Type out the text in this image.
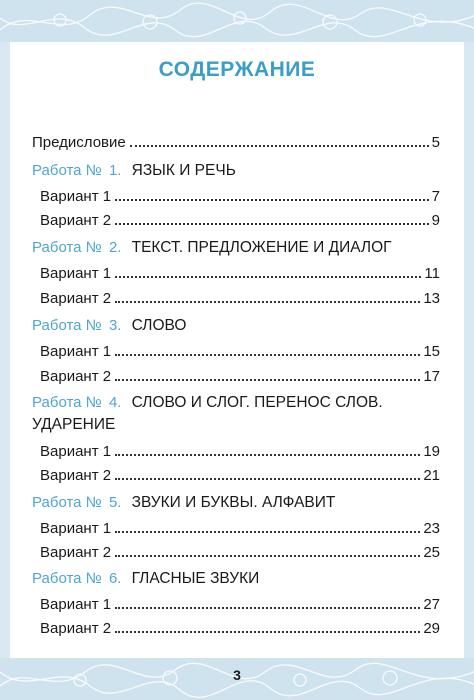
СОДЕРЖАНИЕ
Предисловие	5
Работа № 1. ЯЗЫК И РЕЧЬ
Вариант 1	7
Вариант 2	9
Работа № 2. ТЕКСТ. ПРЕДЛОЖЕНИЕ И ДИАЛОГ
Вариант 1	11
Вариант 2	13
Работа № 3. СЛОВО
Вариант 1	15
Вариант 2	17
Работа № 4. СЛОВО И СЛОГ. ПЕРЕНОС СЛОВ.
УДАРЕНИЕ
Вариант 1	19
Вариант 2	21
Работа № 5. ЗВУКИ И БУКВЫ. АЛФАВИТ
Вариант 1	23
Вариант 2	25
Работа № 6. ГЛАСНЫЕ ЗВУКИ
Вариант 1	27
Вариант 2	29
3
